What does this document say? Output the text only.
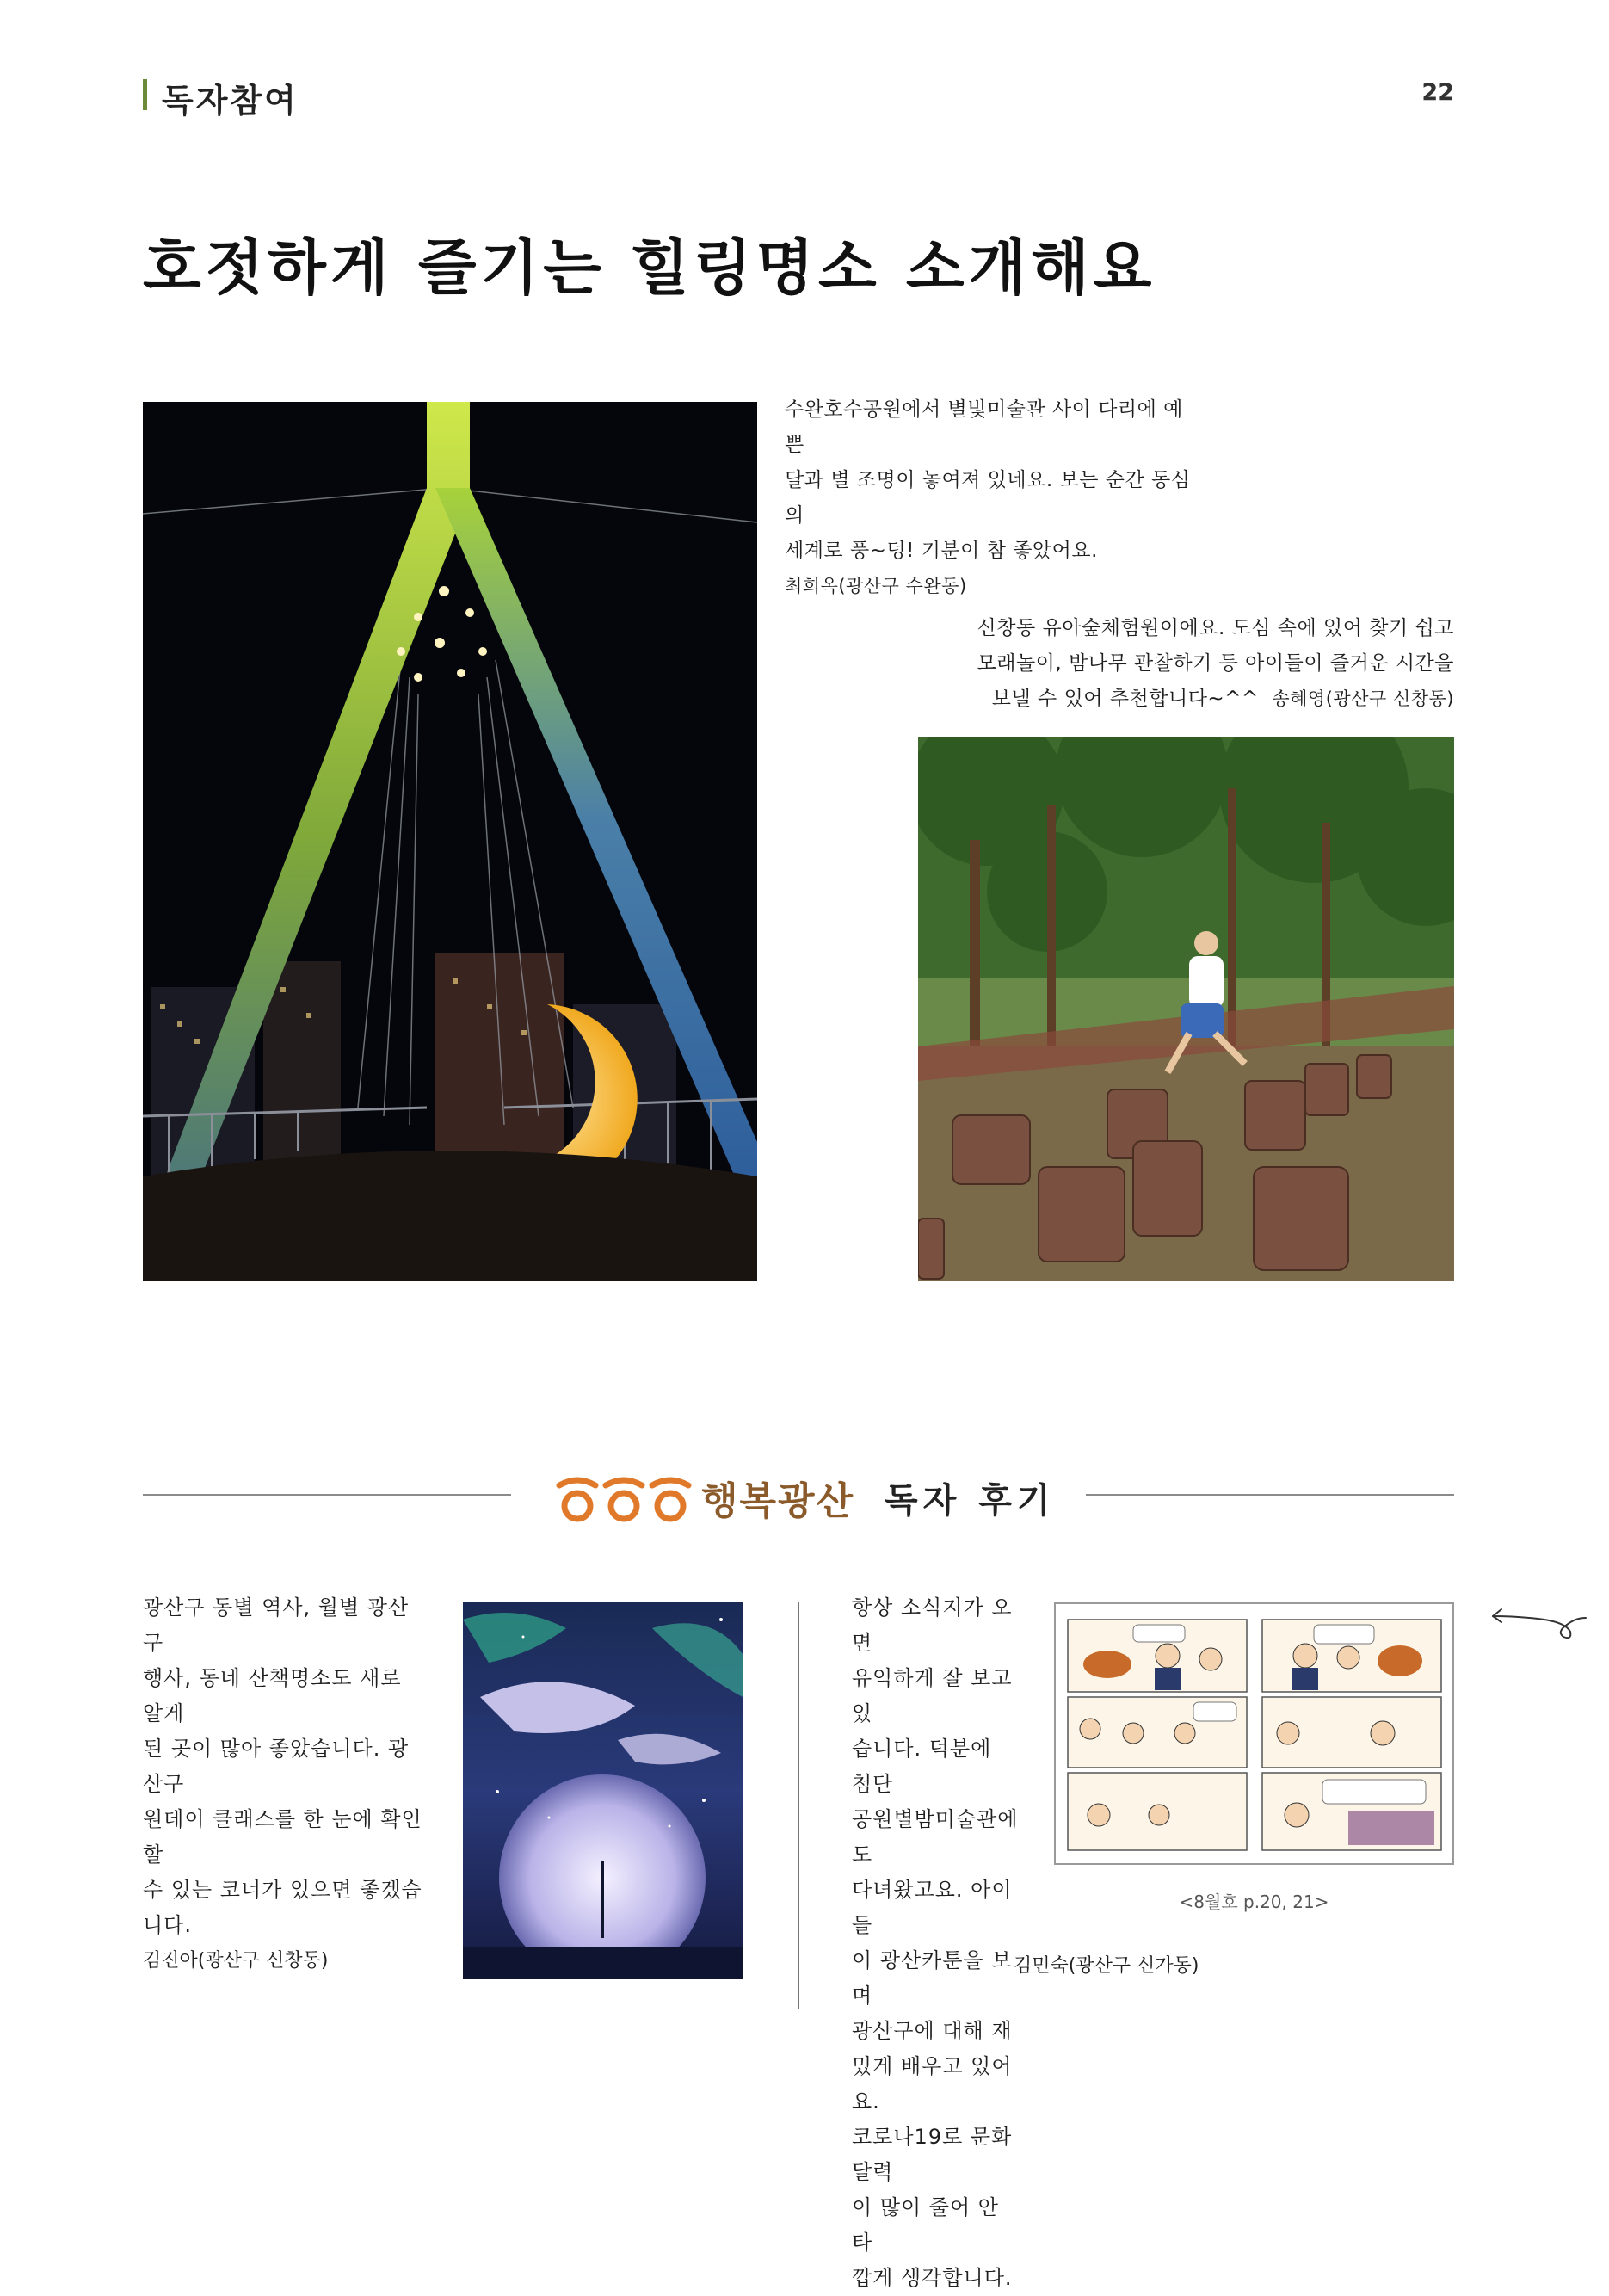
독자참여	22
호젓하게 즐기는 힐링명소 소개해요
수완호수공원에서 별빛미술관 사이 다리에 예쁜
달과 별 조명이 놓여져 있네요. 보는 순간 동심의
세계로 풍~덩! 기분이 참 좋았어요.
최희옥(광산구 수완동)
신창동 유아숲체험원이에요. 도심 속에 있어 찾기 쉽고
모래놀이, 밤나무 관찰하기 등 아이들이 즐거운 시간을
보낼 수 있어 추천합니다~^^ 송혜영(광산구 신창동)
행복광산 독자 후기
광산구 동별 역사, 월별 광산구
행사, 동네 산책명소도 새로 알게
된 곳이 많아 좋았습니다. 광산구
원데이 클래스를 한 눈에 확인 할
수 있는 코너가 있으면 좋겠습니다.
김진아(광산구 신창동)
항상 소식지가 오면
유익하게 잘 보고 있
습니다. 덕분에 첨단
공원별밤미술관에도
다녀왔고요. 아이들
이 광산카툰을 보며
광산구에 대해 재
밌게 배우고 있어요.
코로나19로 문화달력
이 많이 줄어 안타
깝게 생각합니다.
김민숙(광산구 신가동)
<8월호 p.20, 21>
